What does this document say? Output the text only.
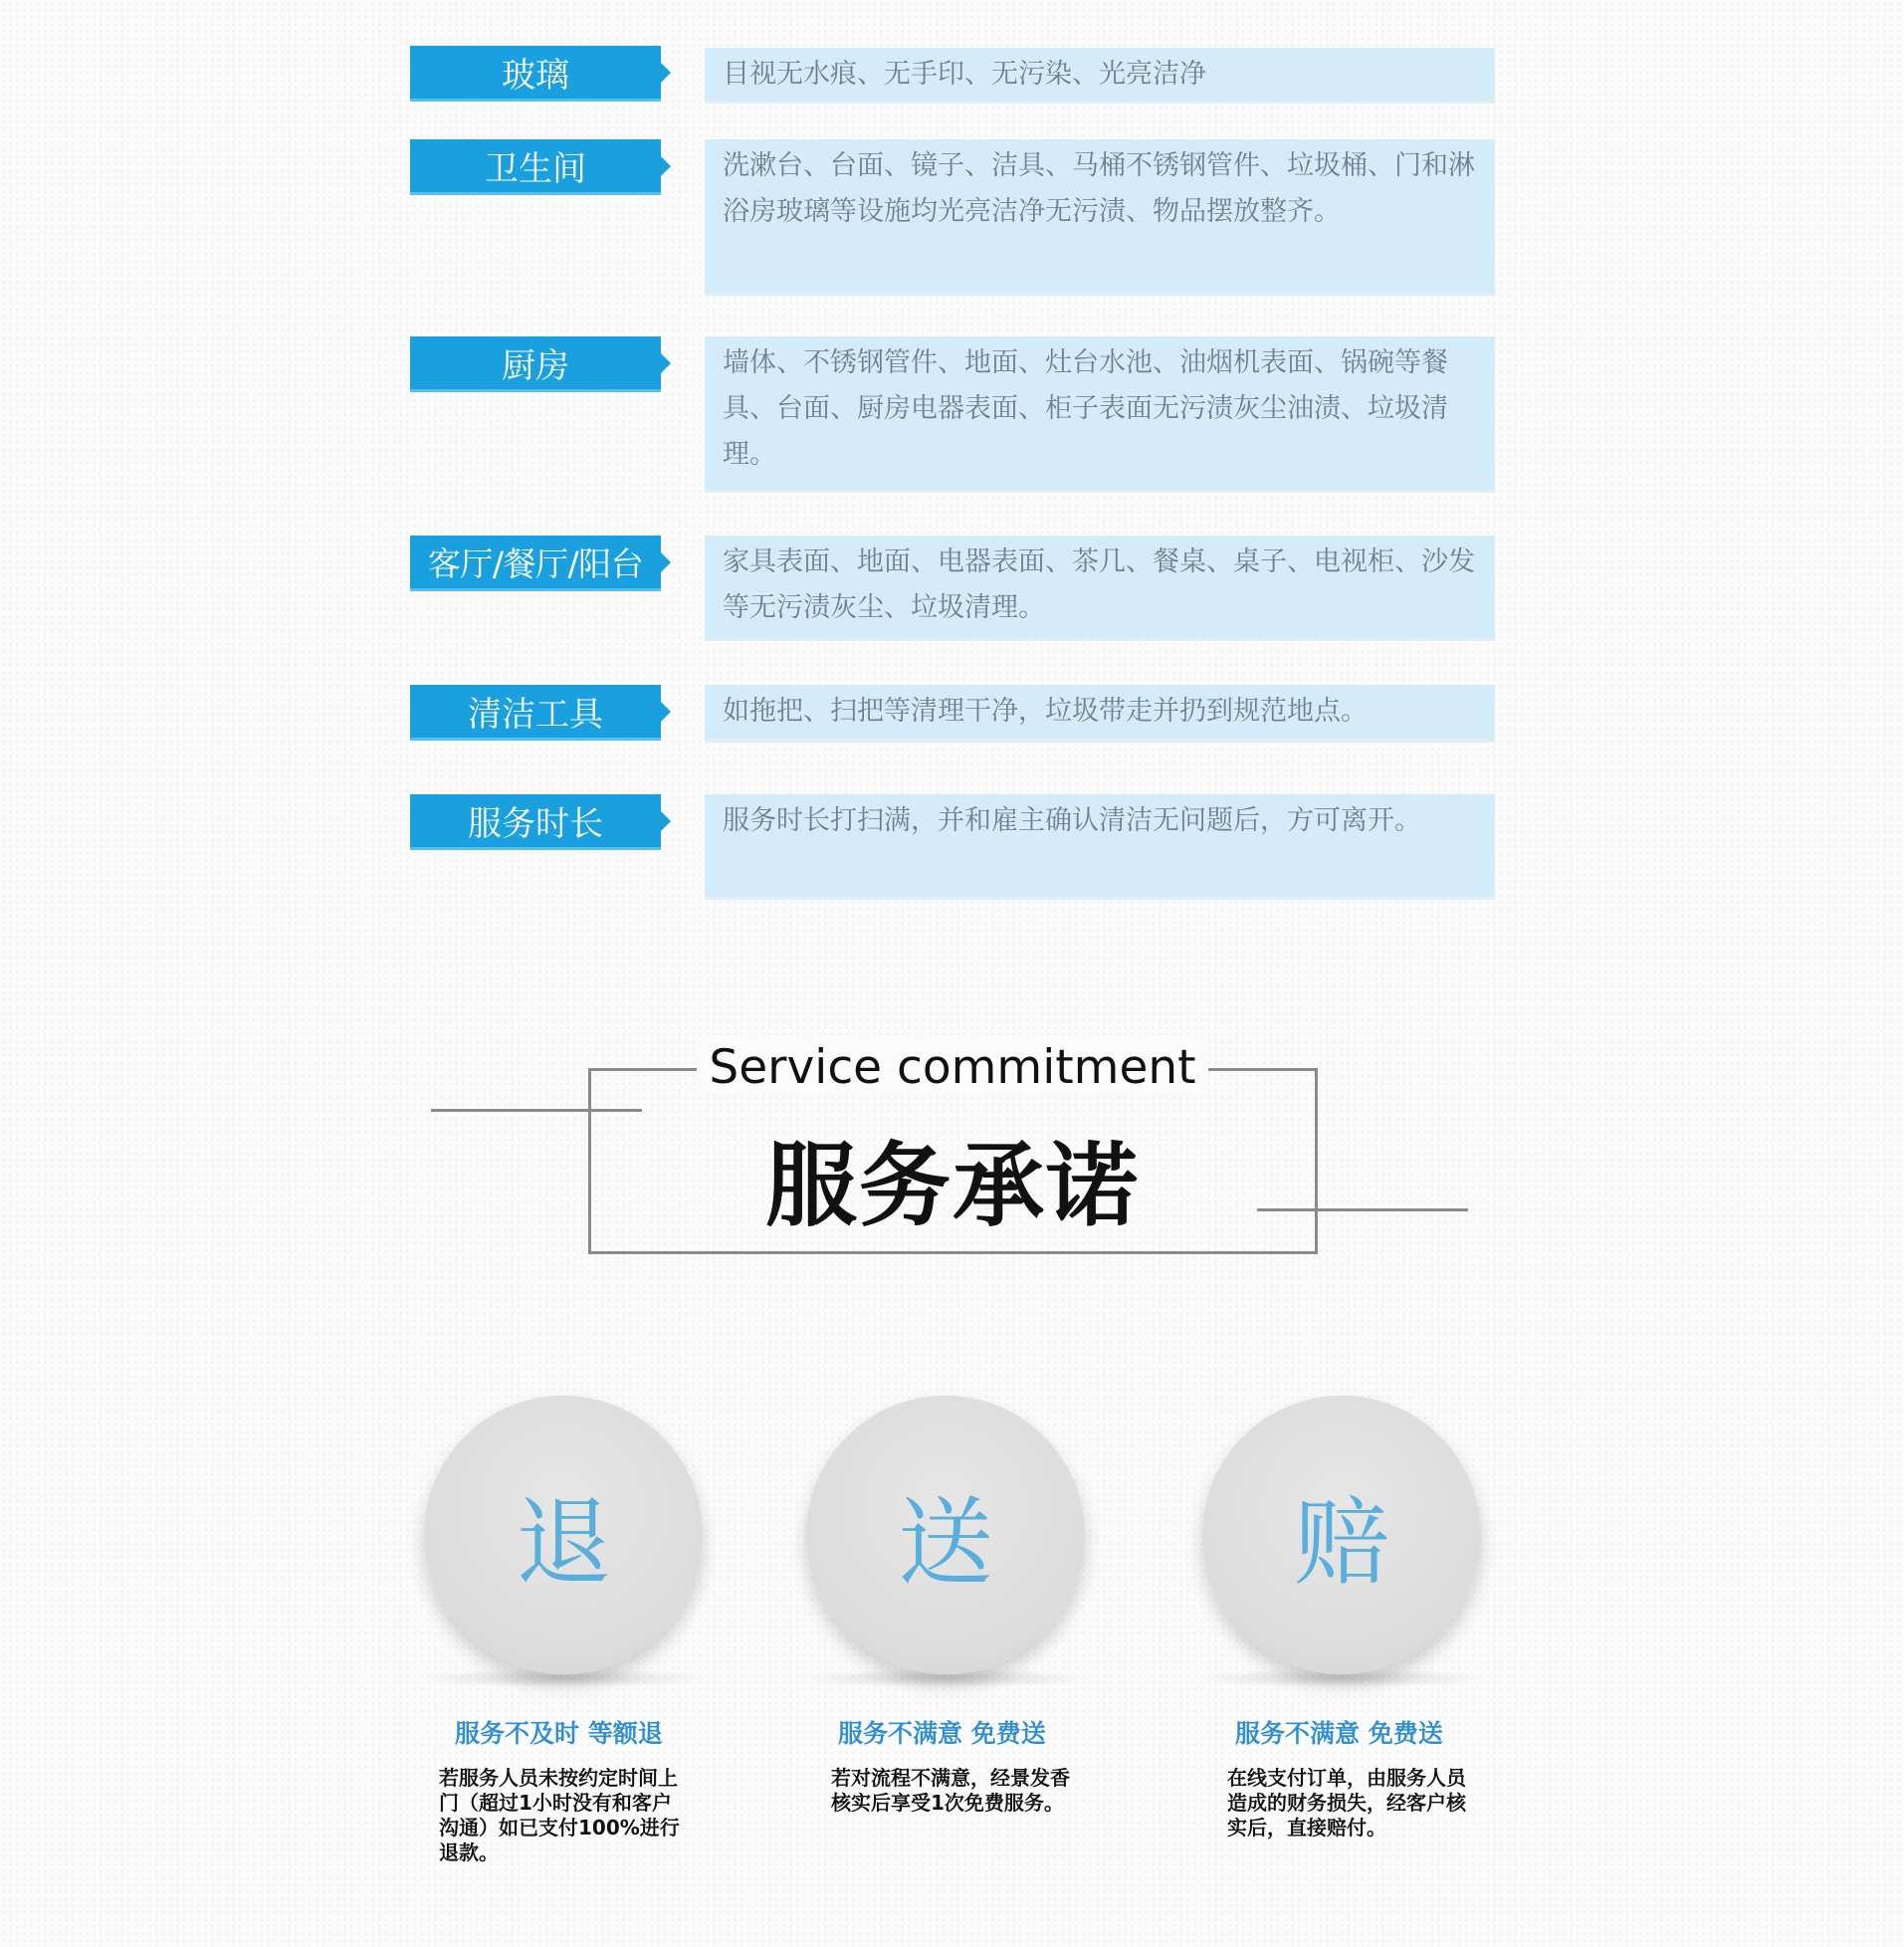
玻璃	目视无水痕、无手印、无污染、光亮洁净
卫生间	洗漱台、台面、镜子、洁具、马桶不锈钢管件、垃圾桶、门和淋浴房玻璃等设施均光亮洁净无污渍、物品摆放整齐。
厨房	墙体、不锈钢管件、地面、灶台水池、油烟机表面、锅碗等餐具、台面、厨房电器表面、柜子表面无污渍灰尘油渍、垃圾清理。
客厅/餐厅/阳台	家具表面、地面、电器表面、茶几、餐桌、桌子、电视柜、沙发等无污渍灰尘、垃圾清理。
清洁工具	如拖把、扫把等清理干净，垃圾带走并扔到规范地点。
服务时长	服务时长打扫满，并和雇主确认清洁无问题后，方可离开。
Service commitment
服务承诺
退
服务不及时 等额退
若服务人员未按约定时间上门（超过1小时没有和客户沟通）如已支付100%进行退款。
送
服务不满意 免费送
若对流程不满意，经景发香核实后享受1次免费服务。
赔
服务不满意 免费送
在线支付订单，由服务人员造成的财务损失，经客户核实后，直接赔付。
